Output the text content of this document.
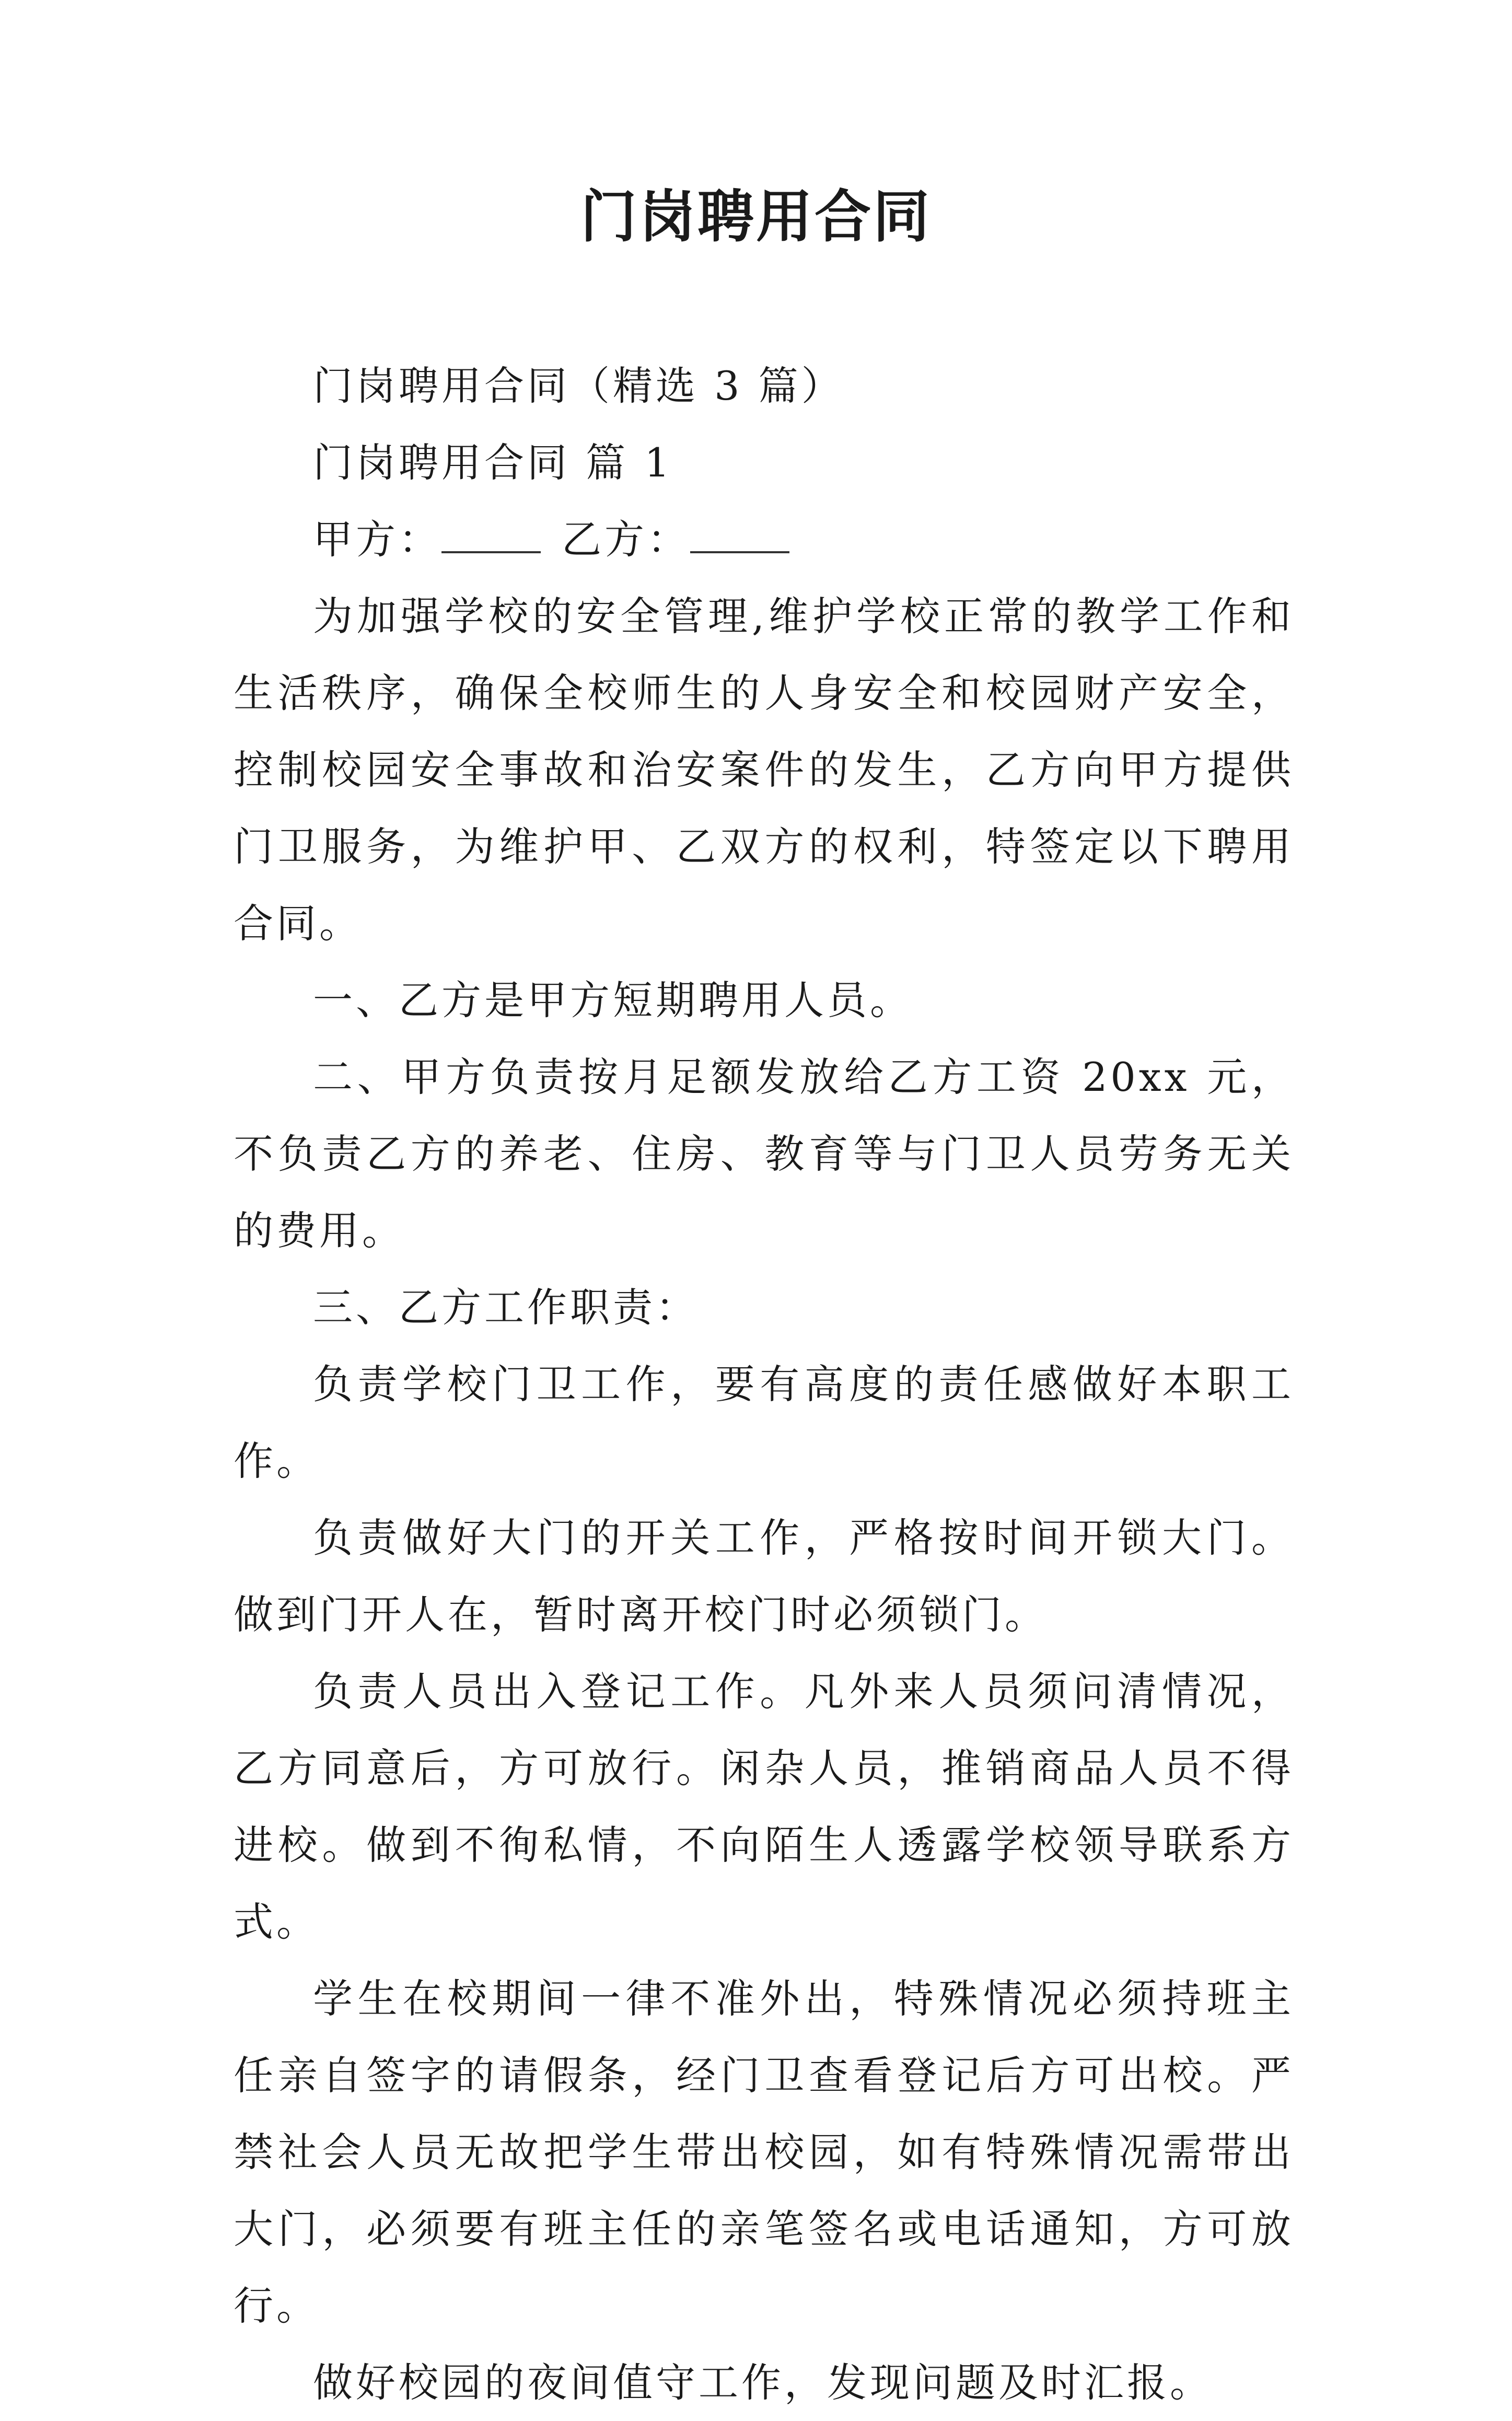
门岗聘用合同

门岗聘用合同（精选 3 篇）

门岗聘用合同 篇 1

甲方：	乙方：

为加强学校的安全管理,维护学校正常的教学工作和生活秩序，确保全校师生的人身安全和校园财产安全，控制校园安全事故和治安案件的发生，乙方向甲方提供门卫服务，为维护甲、乙双方的权利，特签定以下聘用合同。

一、乙方是甲方短期聘用人员。

二、甲方负责按月足额发放给乙方工资 20xx 元，不负责乙方的养老、住房、教育等与门卫人员劳务无关的费用。

三、乙方工作职责：

负责学校门卫工作，要有高度的责任感做好本职工作。

负责做好大门的开关工作，严格按时间开锁大门。做到门开人在，暂时离开校门时必须锁门。

负责人员出入登记工作。凡外来人员须问清情况，乙方同意后，方可放行。闲杂人员，推销商品人员不得进校。做到不徇私情，不向陌生人透露学校领导联系方式。

学生在校期间一律不准外出，特殊情况必须持班主任亲自签字的请假条，经门卫查看登记后方可出校。严禁社会人员无故把学生带出校园，如有特殊情况需带出大门，必须要有班主任的亲笔签名或电话通知，方可放行。

做好校园的夜间值守工作，发现问题及时汇报。
